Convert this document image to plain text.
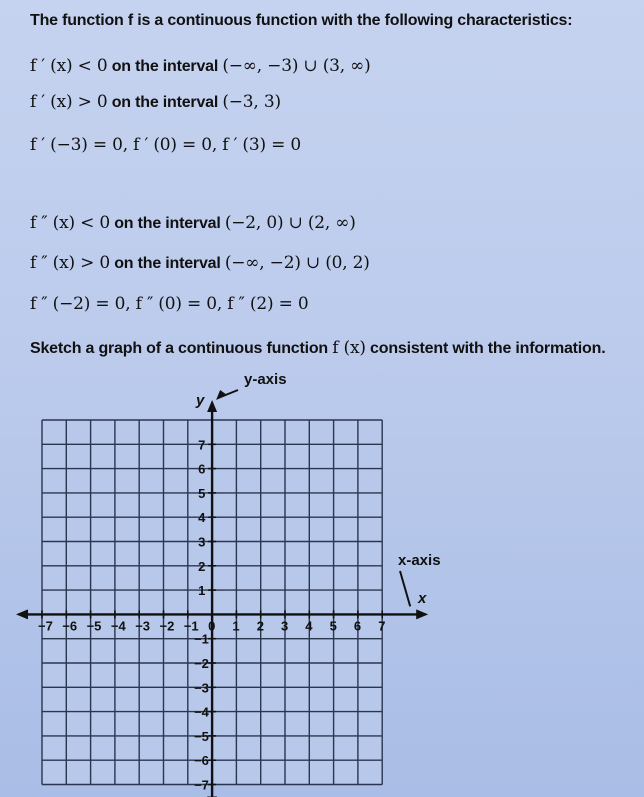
The function f is a continuous function with the following characteristics:
f ′ (x) < 0 on the interval (−∞, −3) ∪ (3, ∞)
f ′ (x) > 0 on the interval (−3, 3)
f ′ (−3) = 0, f ′ (0) = 0, f ′ (3) = 0
f ″ (x) < 0 on the interval (−2, 0) ∪ (2, ∞)
f ″ (x) > 0 on the interval (−∞, −2) ∪ (0, 2)
f ″ (−2) = 0, f ″ (0) = 0, f ″ (2) = 0
Sketch a graph of a continuous function f (x) consistent with the information.
y-axis
y
x-axis
x
−7 −6 −5 −4 −3 −2 −1 0 1 2 3 4 5 6 7
7
6
5
4
3
2
1
−1
−2
−3
−4
−5
−6
−7
